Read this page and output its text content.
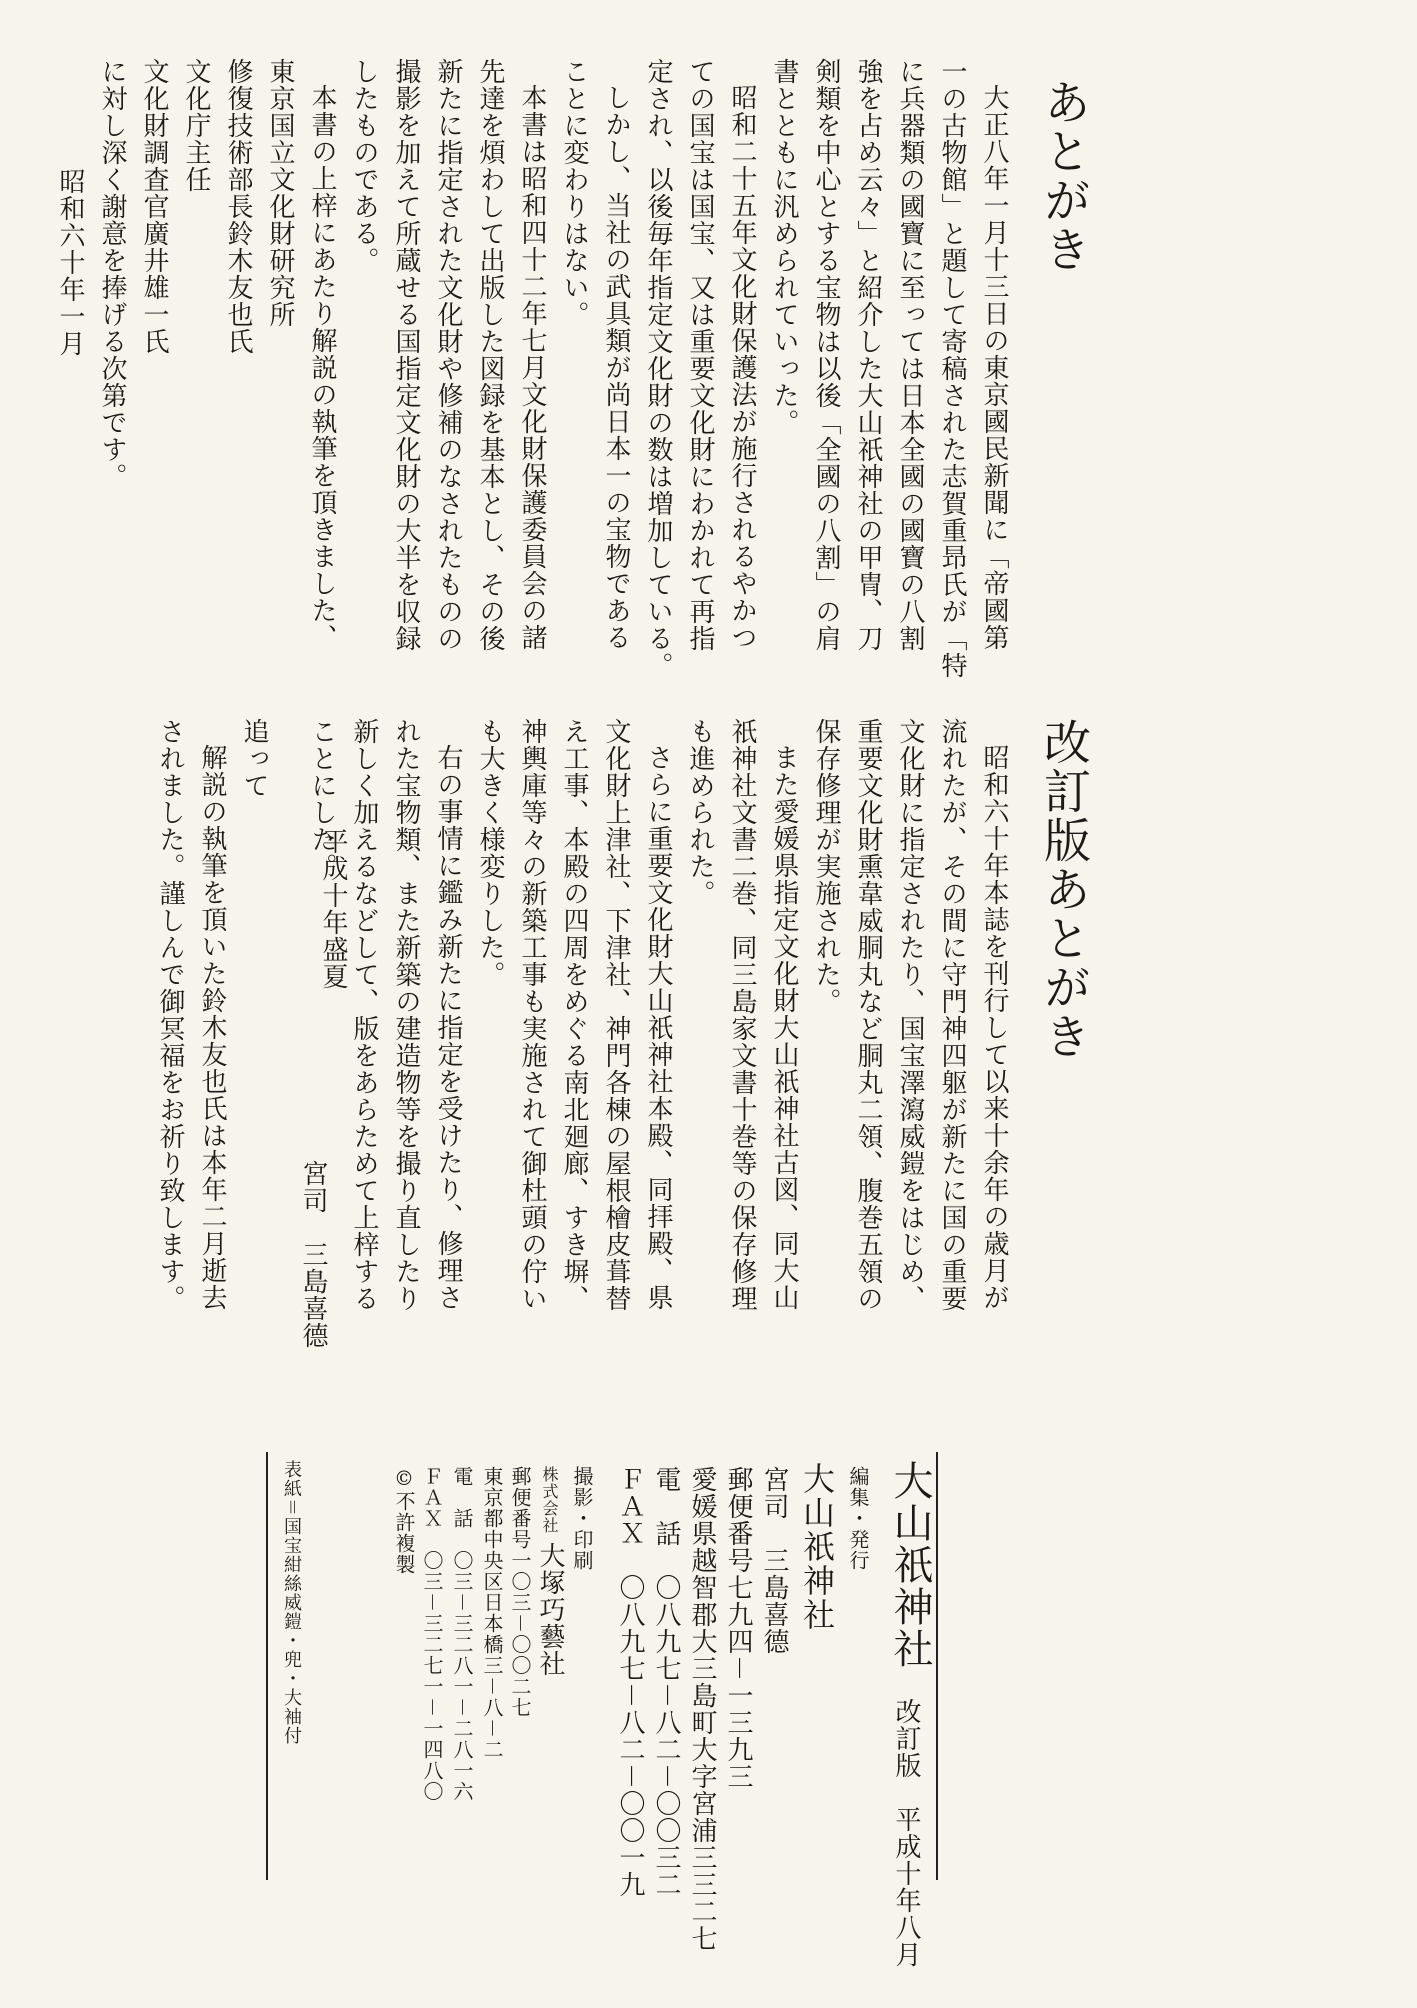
あとがき
大正八年一月十三日の東京國民新聞に「帝國第
一の古物館」と題して寄稿された志賀重昻氏が「特
に兵器類の國寶に至っては日本全國の國寶の八割
強を占め云々」と紹介した大山祇神社の甲冑、刀
剣類を中心とする宝物は以後「全國の八割」の肩
書とともに汎められていった。
昭和二十五年文化財保護法が施行されるやかつ
ての国宝は国宝、又は重要文化財にわかれて再指
定され、以後毎年指定文化財の数は増加している。
しかし、当社の武具類が尚日本一の宝物である
ことに変わりはない。
本書は昭和四十二年七月文化財保護委員会の諸
先達を煩わして出版した図録を基本とし、その後
新たに指定された文化財や修補のなされたものの
撮影を加えて所蔵せる国指定文化財の大半を収録
したものである。
本書の上梓にあたり解説の執筆を頂きました、
東京国立文化財研究所
修復技術部長鈴木友也氏
文化庁主任
文化財調査官廣井雄一氏
に対し深く謝意を捧げる次第です。
昭和六十年一月
改訂版あとがき
昭和六十年本誌を刊行して以来十余年の歳月が
流れたが、その間に守門神四躯が新たに国の重要
文化財に指定されたり、国宝澤瀉威鎧をはじめ、
重要文化財熏韋威胴丸など胴丸二領、腹巻五領の
保存修理が実施された。
また愛媛県指定文化財大山祇神社古図、同大山
祇神社文書二巻、同三島家文書十巻等の保存修理
も進められた。
さらに重要文化財大山祇神社本殿、同拝殿、県
文化財上津社、下津社、神門各棟の屋根檜皮葺替
え工事、本殿の四周をめぐる南北廻廊、すき塀、
神輿庫等々の新築工事も実施されて御杜頭の佇い
も大きく様変りした。
右の事情に鑑み新たに指定を受けたり、修理さ
れた宝物類、また新築の建造物等を撮り直したり
新しく加えるなどして、版をあらためて上梓する
ことにした。
平成十年盛夏
宮司　三島喜德
追って
解説の執筆を頂いた鈴木友也氏は本年二月逝去
されました。謹しんで御冥福をお祈り致します。
大山祇神社
改訂版　平成十年八月
編集・発行
大山祇神社
宮司　三島喜德
郵便番号七九四－一三九三
愛媛県越智郡大三島町大字宮浦三三二七
電　話　〇八九七－八二－〇〇三二
ＦＡＸ　〇八九七－八二－〇〇一九
撮影・印刷
株式会社
大塚巧藝社
郵便番号一〇三－〇〇二七
東京都中央区日本橋三－八－二
電　話　〇三－三二八一－二八一六
ＦＡＸ　〇三－三二七一－一四八〇
©不許複製
表紙＝国宝紺絲威鎧・兜・大袖付
